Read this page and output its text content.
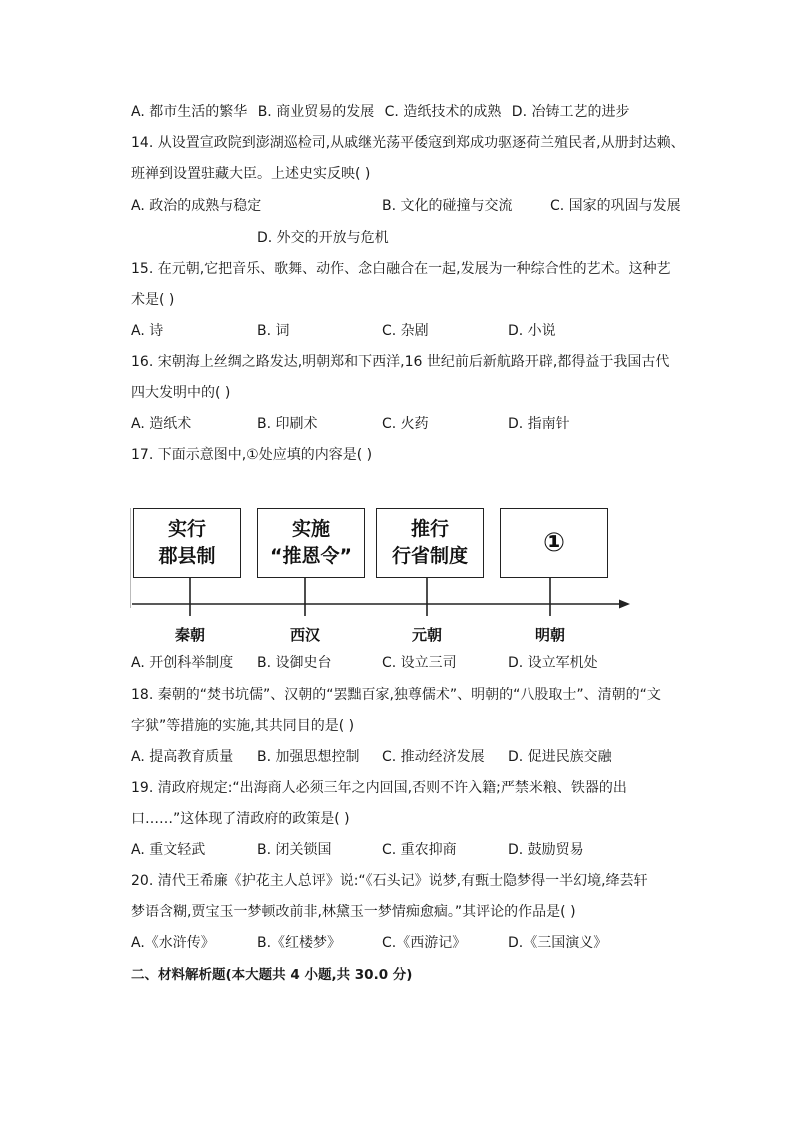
A. 都市生活的繁华 B. 商业贸易的发展 C. 造纸技术的成熟 D. 冶铸工艺的进步
14. 从设置宣政院到澎湖巡检司,从戚继光荡平倭寇到郑成功驱逐荷兰殖民者,从册封达赖、
班禅到设置驻藏大臣。上述史实反映( )
A. 政治的成熟与稳定	B. 文化的碰撞与交流	C. 国家的巩固与发展
D. 外交的开放与危机
15. 在元朝,它把音乐、歌舞、动作、念白融合在一起,发展为一种综合性的艺术。这种艺
术是( )
A. 诗	B. 词	C. 杂剧	D. 小说
16. 宋朝海上丝绸之路发达,明朝郑和下西洋,16 世纪前后新航路开辟,都得益于我国古代
四大发明中的( )
A. 造纸术	B. 印刷术	C. 火药	D. 指南针
17. 下面示意图中,①处应填的内容是( )
实行
郡县制
实施
“推恩令”
推行
行省制度	①
秦朝	西汉	元朝	明朝
A. 开创科举制度 B. 设御史台	C. 设立三司	D. 设立军机处
18. 秦朝的“焚书坑儒”、汉朝的“罢黜百家,独尊儒术”、明朝的“八股取士”、清朝的“文
字狱”等措施的实施,其共同目的是( )
A. 提高教育质量 B. 加强思想控制 C. 推动经济发展 D. 促进民族交融
19. 清政府规定:“出海商人必须三年之内回国,否则不许入籍;严禁米粮、铁器的出
口……”这体现了清政府的政策是( )
A. 重文轻武	B. 闭关锁国	C. 重农抑商	D. 鼓励贸易
20. 清代王希廉《护花主人总评》说:“《石头记》说梦,有甄士隐梦得一半幻境,绛芸轩
梦语含糊,贾宝玉一梦顿改前非,林黛玉一梦情痴愈痼。”其评论的作品是( )
A.《水浒传》	B.《红楼梦》	C.《西游记》	D.《三国演义》
二、材料解析题(本大题共 4 小题,共 30.0 分)
